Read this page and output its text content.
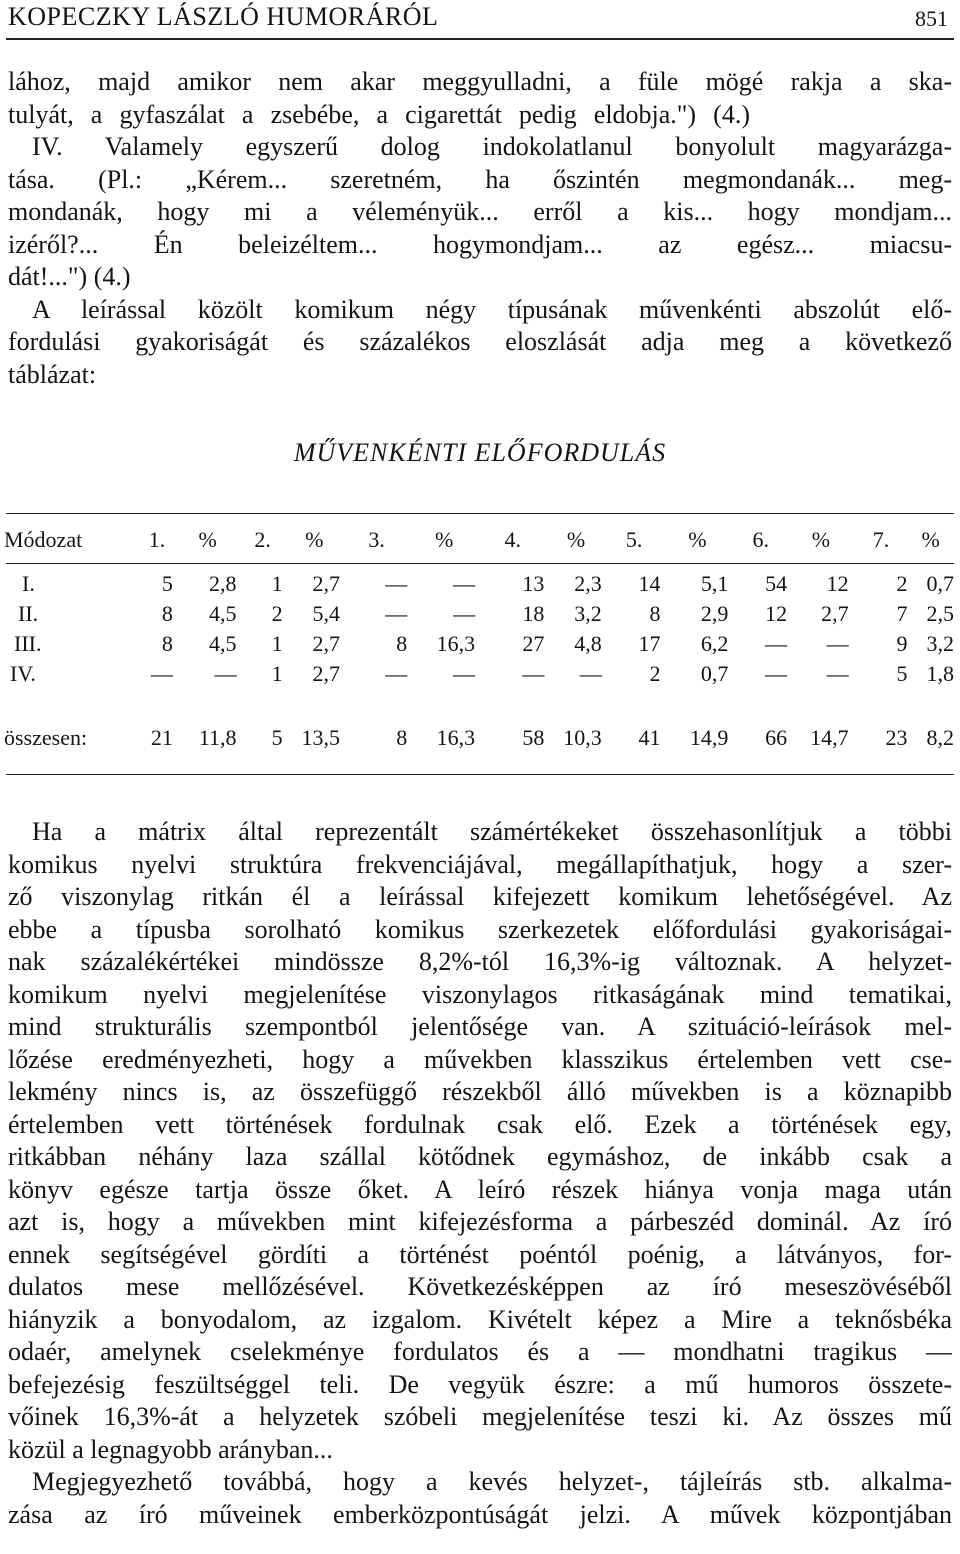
KOPECZKY LÁSZLÓ HUMORÁRÓL	851
lához, majd amikor nem akar meggyulladni, a füle mögé rakja a ska-
tulyát, a gyfaszálat a zsebébe, a cigarettát pedig eldobja.") (4.)
IV. Valamely egyszerű dolog indokolatlanul bonyolult magyarázga-
tása. (Pl.: „Kérem... szeretném, ha őszintén megmondanák... meg-
mondanák, hogy mi a véleményük... erről a kis... hogy mondjam...
izéről?... Én beleizéltem... hogymondjam... az egész... miacsu-
dát!...") (4.)
A leírással közölt komikum négy típusának művenkénti abszolút elő-
fordulási gyakoriságát és százalékos eloszlását adja meg a következő
táblázat:
MŰVENKÉNTI ELŐFORDULÁS
Módozat	1.	%	2.	%	3.	%	4.	%	5.	%	6.	%	7.	%

I.	5	2,8	1	2,7	—	—	13	2,3	14	5,1	54	12	2	0,7
II.	8	4,5	2	5,4	—	—	18	3,2	8	2,9	12	2,7	7	2,5
III.	8	4,5	1	2,7	8	16,3	27	4,8	17	6,2	—	—	9	3,2
IV.	—	—	1	2,7	—	—	—	—	2	0,7	—	—	5	1,8

összesen:	21	11,8	5	13,5	8	16,3	58	10,3	41	14,9	66	14,7	23	8,2
Ha a mátrix által reprezentált számértékeket összehasonlítjuk a többi
komikus nyelvi struktúra frekvenciájával, megállapíthatjuk, hogy a szer-
ző viszonylag ritkán él a leírással kifejezett komikum lehetőségével. Az
ebbe a típusba sorolható komikus szerkezetek előfordulási gyakoriságai-
nak százalékértékei mindössze 8,2%-tól 16,3%-ig változnak. A helyzet-
komikum nyelvi megjelenítése viszonylagos ritkaságának mind tematikai,
mind strukturális szempontból jelentősége van. A szituáció-leírások mel-
lőzése eredményezheti, hogy a művekben klasszikus értelemben vett cse-
lekmény nincs is, az összefüggő részekből álló művekben is a köznapibb
értelemben vett történések fordulnak csak elő. Ezek a történések egy,
ritkábban néhány laza szállal kötődnek egymáshoz, de inkább csak a
könyv egésze tartja össze őket. A leíró részek hiánya vonja maga után
azt is, hogy a művekben mint kifejezésforma a párbeszéd dominál. Az író
ennek segítségével gördíti a történést poéntól poénig, a látványos, for-
dulatos mese mellőzésével. Következésképpen az író meseszövéséből
hiányzik a bonyodalom, az izgalom. Kivételt képez a Mire a teknősbéka
odaér, amelynek cselekménye fordulatos és a — mondhatni tragikus —
befejezésig feszültséggel teli. De vegyük észre: a mű humoros összete-
vőinek 16,3%-át a helyzetek szóbeli megjelenítése teszi ki. Az összes mű
közül a legnagyobb arányban...
Megjegyezhető továbbá, hogy a kevés helyzet-, tájleírás stb. alkalma-
zása az író műveinek emberközpontúságát jelzi. A művek központjában
